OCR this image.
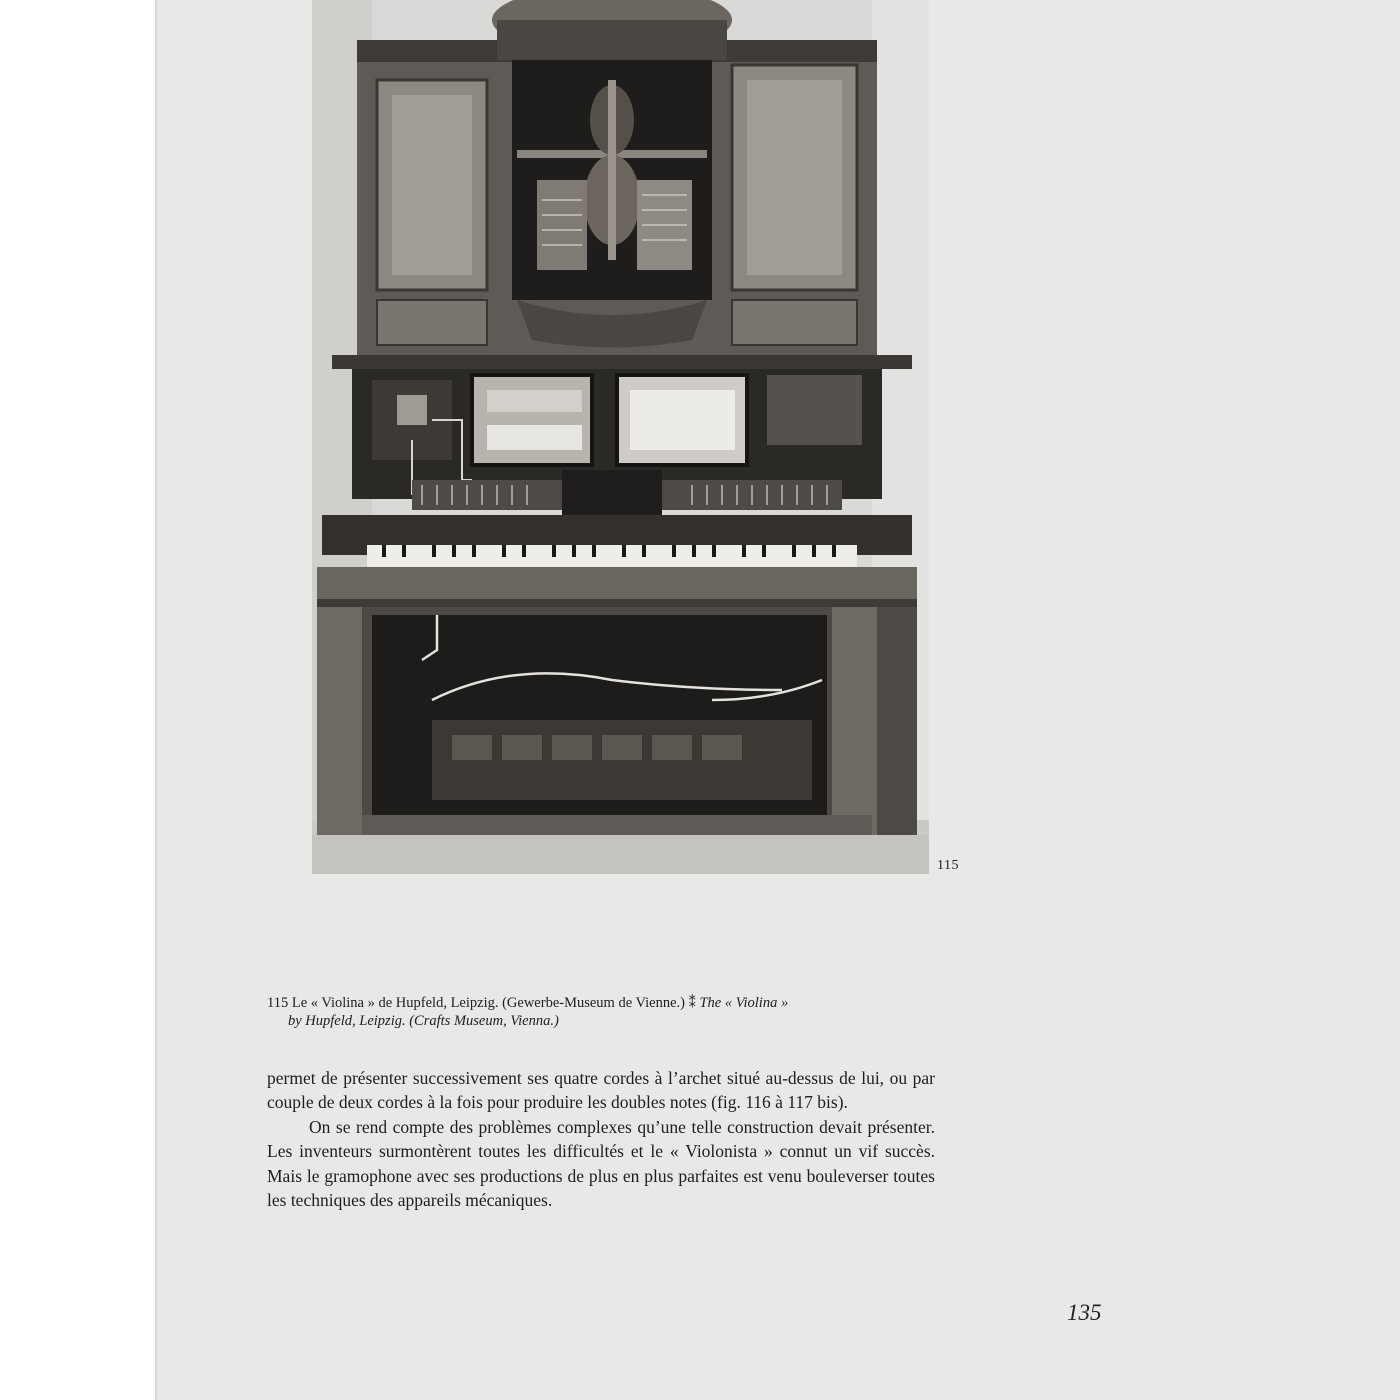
115
115 Le « Violina » de Hupfeld, Leipzig. (Gewerbe-Museum de Vienne.) ⁑ The « Violina »
by Hupfeld, Leipzig. (Crafts Museum, Vienna.)

permet de présenter successivement ses quatre cordes à l’archet situé au-dessus de lui, ou par couple de deux cordes à la fois pour produire les doubles notes (fig. 116 à 117 bis).

On se rend compte des problèmes complexes qu’une telle construction devait présenter. Les inventeurs surmontèrent toutes les difficultés et le « Violonista » connut un vif succès. Mais le gramophone avec ses productions de plus en plus parfaites est venu bouleverser toutes les techniques des appareils mécaniques.

135
